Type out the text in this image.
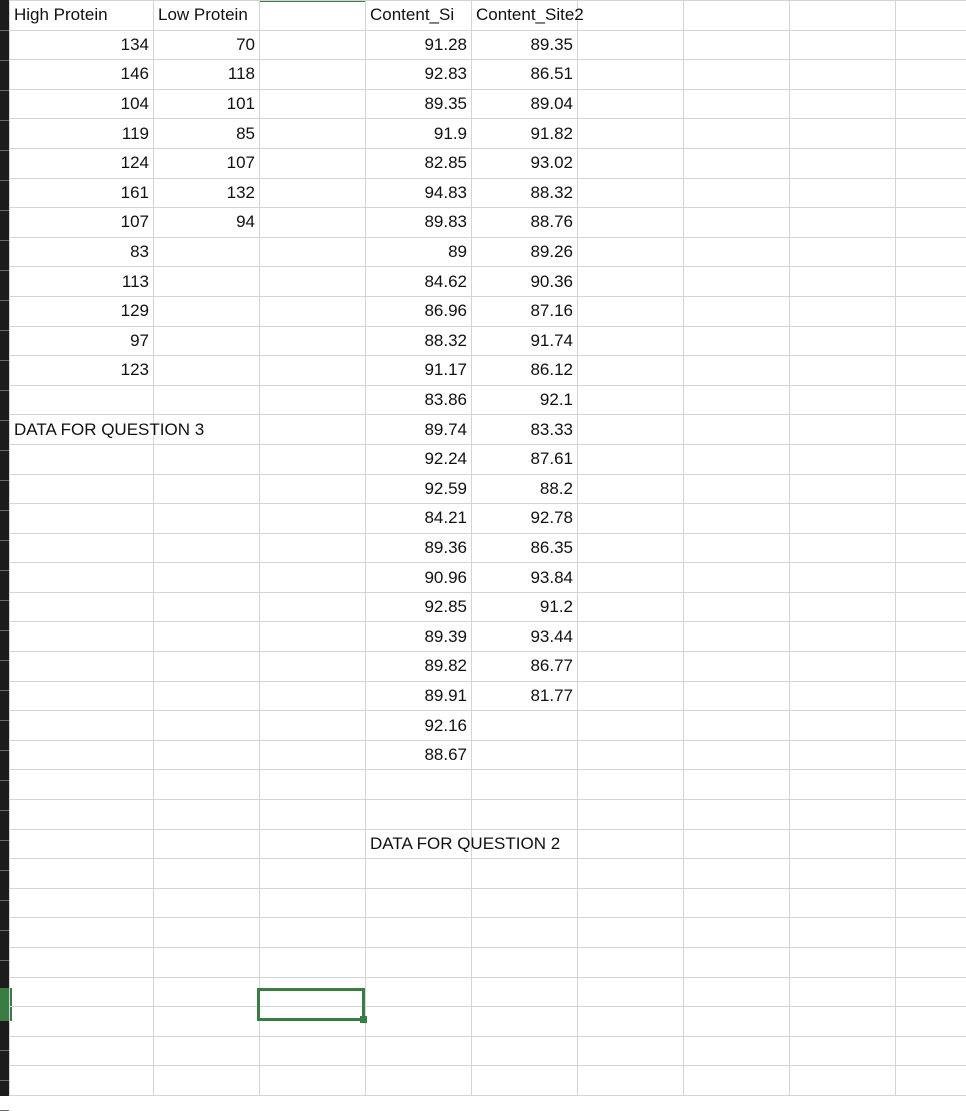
High Protein	Low Protein		Content_Si	Content_Site2				
134	70		91.28	89.35				
146	118		92.83	86.51				
104	101		89.35	89.04				
119	85		91.9	91.82				
124	107		82.85	93.02				
161	132		94.83	88.32				
107	94		89.83	88.76				
83			89	89.26				
113			84.62	90.36				
129			86.96	87.16				
97			88.32	91.74				
123			91.17	86.12				
			83.86	92.1				
DATA FOR QUESTION 3			89.74	83.33				
			92.24	87.61				
			92.59	88.2				
			84.21	92.78				
			89.36	86.35				
			90.96	93.84				
			92.85	91.2				
			89.39	93.44				
			89.82	86.77				
			89.91	81.77				
			92.16					
			88.67					

			DATA FOR QUESTION 2					
